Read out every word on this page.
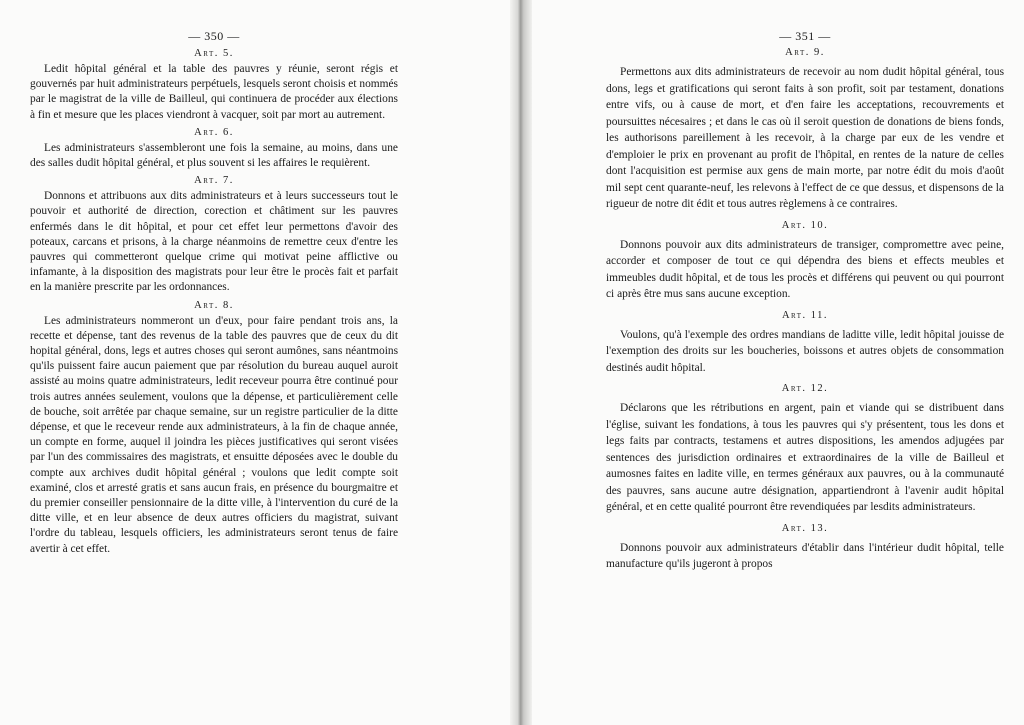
— 350 —
Art. 5.

Ledit hôpital général et la table des pauvres y réunie, seront régis et gouvernés par huit administrateurs perpétuels, lesquels seront choisis et nommés par le magistrat de la ville de Bailleul, qui continuera de procéder aux élections à fin et mesure que les places viendront à vacquer, soit par mort au autrement.

Art. 6.

Les administrateurs s'assembleront une fois la semaine, au moins, dans une des salles dudit hôpital général, et plus souvent si les affaires le requièrent.

Art. 7.

Donnons et attribuons aux dits administrateurs et à leurs successeurs tout le pouvoir et authorité de direction, corection et châtiment sur les pauvres enfermés dans le dit hôpital, et pour cet effet leur permettons d'avoir des poteaux, carcans et prisons, à la charge néanmoins de remettre ceux d'entre les pauvres qui commetteront quelque crime qui motivat peine afflictive ou infamante, à la disposition des magistrats pour leur être le procès fait et parfait en la manière prescrite par les ordonnances.

Art. 8.

Les administrateurs nommeront un d'eux, pour faire pendant trois ans, la recette et dépense, tant des revenus de la table des pauvres que de ceux du dit hopital général, dons, legs et autres choses qui seront aumônes, sans néantmoins qu'ils puissent faire aucun paiement que par résolution du bureau auquel auroit assisté au moins quatre administrateurs, ledit receveur pourra être continué pour trois autres années seulement, voulons que la dépense, et particulièrement celle de bouche, soit arrêtée par chaque semaine, sur un registre particulier de la ditte dépense, et que le receveur rende aux administrateurs, à la fin de chaque année, un compte en forme, auquel il joindra les pièces justificatives qui seront visées par l'un des commissaires des magistrats, et ensuitte déposées avec le double du compte aux archives dudit hôpital général ; voulons que ledit compte soit examiné, clos et arresté gratis et sans aucun frais, en présence du bourgmaitre et du premier conseiller pensionnaire de la ditte ville, à l'intervention du curé de la ditte ville, et en leur absence de deux autres officiers du magistrat, suivant l'ordre du tableau, lesquels officiers, les administrateurs seront tenus de faire avertir à cet effet.

— 351 —
Art. 9.

Permettons aux dits administrateurs de recevoir au nom dudit hôpital général, tous dons, legs et gratifications qui seront faits à son profit, soit par testament, donations entre vifs, ou à cause de mort, et d'en faire les acceptations, recouvrements et poursuittes nécesaires ; et dans le cas où il seroit question de donations de biens fonds, les authorisons pareillement à les recevoir, à la charge par eux de les vendre et d'emploier le prix en provenant au profit de l'hôpital, en rentes de la nature de celles dont l'acquisition est permise aux gens de main morte, par notre édit du mois d'août mil sept cent quarante-neuf, les relevons à l'effect de ce que dessus, et dispensons de la rigueur de notre dit édit et tous autres règlemens à ce contraires.

Art. 10.

Donnons pouvoir aux dits administrateurs de transiger, compromettre avec peine, accorder et composer de tout ce qui dépendra des biens et effects meubles et immeubles dudit hôpital, et de tous les procès et différens qui peuvent ou qui pourront ci après être mus sans aucune exception.

Art. 11.

Voulons, qu'à l'exemple des ordres mandians de laditte ville, ledit hôpital jouisse de l'exemption des droits sur les boucheries, boissons et autres objets de consommation destinés audit hôpital.

Art. 12.

Déclarons que les rétributions en argent, pain et viande qui se distribuent dans l'église, suivant les fondations, à tous les pauvres qui s'y présentent, tous les dons et legs faits par contracts, testamens et autres dispositions, les amendos adjugées par sentences des jurisdiction ordinaires et extraordinaires de la ville de Bailleul et aumosnes faites en ladite ville, en termes généraux aux pauvres, ou à la communauté des pauvres, sans aucune autre désignation, appartiendront à l'avenir audit hôpital général, et en cette qualité pourront être revendiquées par lesdits administrateurs.

Art. 13.

Donnons pouvoir aux administrateurs d'établir dans l'intérieur dudit hôpital, telle manufacture qu'ils jugeront à propos
